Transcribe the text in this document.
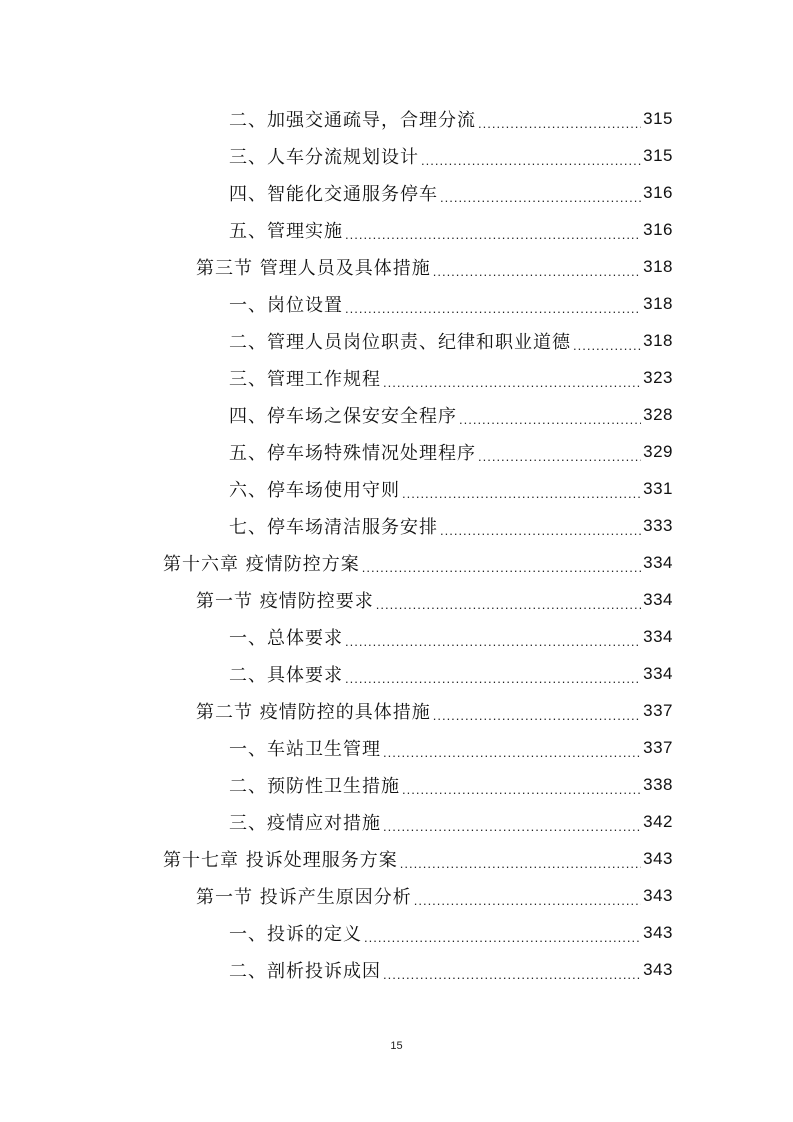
二、加强交通疏导，合理分流 .....	315
三、人车分流规划设计 .....	315
四、智能化交通服务停车 .....	316
五、管理实施 .....	316
第三节 管理人员及具体措施 .....	318
一、岗位设置 .....	318
二、管理人员岗位职责、纪律和职业道德 .....	318
三、管理工作规程 .....	323
四、停车场之保安安全程序 .....	328
五、停车场特殊情况处理程序 .....	329
六、停车场使用守则 .....	331
七、停车场清洁服务安排 .....	333
第十六章 疫情防控方案 .....	334
第一节 疫情防控要求 .....	334
一、总体要求 .....	334
二、具体要求 .....	334
第二节 疫情防控的具体措施 .....	337
一、车站卫生管理 .....	337
二、预防性卫生措施 .....	338
三、疫情应对措施 .....	342
第十七章 投诉处理服务方案 .....	343
第一节 投诉产生原因分析 .....	343
一、投诉的定义 .....	343
二、剖析投诉成因 .....	343
15
